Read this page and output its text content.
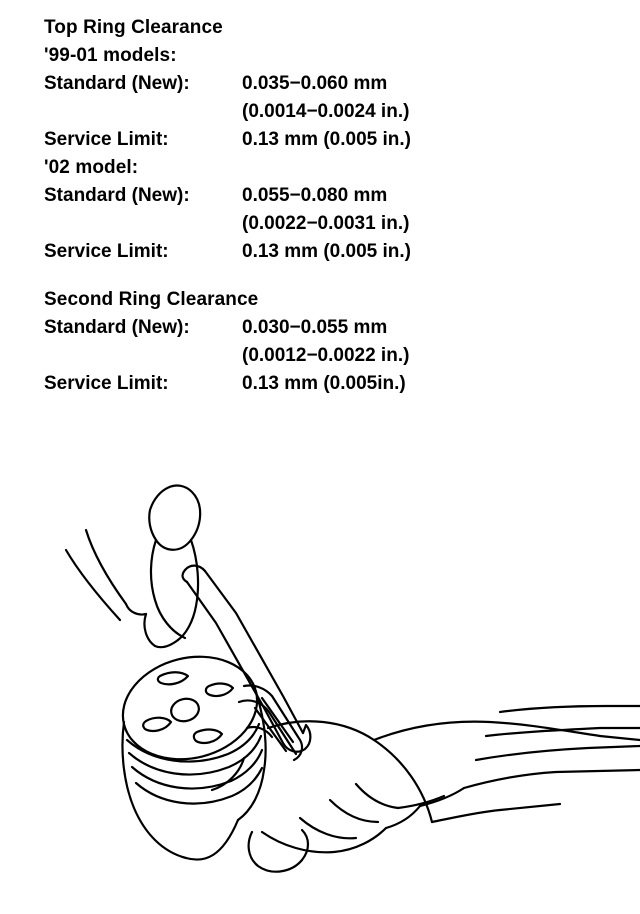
Top Ring Clearance
'99-01 models:
Standard (New):	0.035−0.060 mm
(0.0014−0.0024 in.)
Service Limit:	0.13 mm (0.005 in.)
'02 model:
Standard (New):	0.055−0.080 mm
(0.0022−0.0031 in.)
Service Limit:	0.13 mm (0.005 in.)
Second Ring Clearance
Standard (New):	0.030−0.055 mm
(0.0012−0.0022 in.)
Service Limit:	0.13 mm (0.005in.)
